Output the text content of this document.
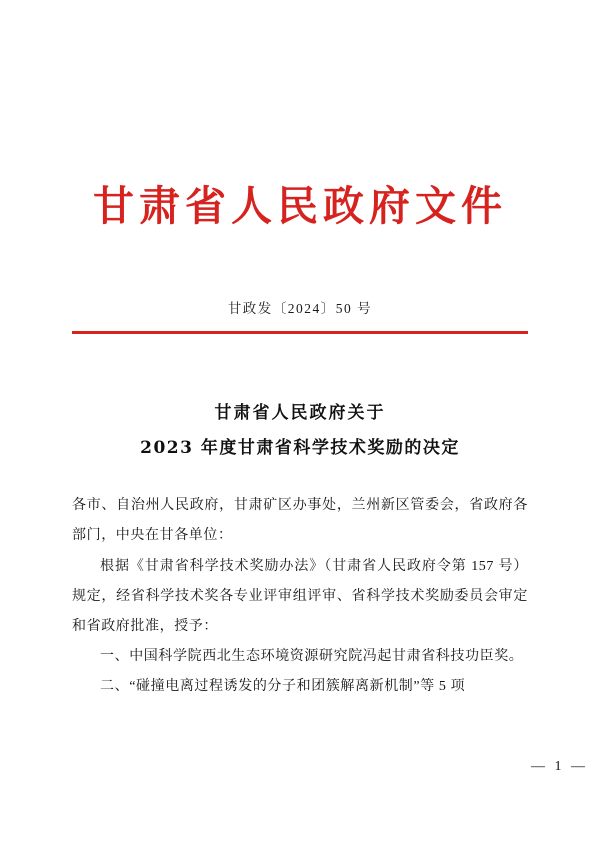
甘肃省人民政府文件
甘政发〔2024〕50 号
甘肃省人民政府关于
2023 年度甘肃省科学技术奖励的决定

各市、自治州人民政府，甘肃矿区办事处，兰州新区管委会，省政府各部门，中央在甘各单位：

根据《甘肃省科学技术奖励办法》（甘肃省人民政府令第 157 号）规定，经省科学技术奖各专业评审组评审、省科学技术奖励委员会审定和省政府批准，授予：

一、中国科学院西北生态环境资源研究院冯起甘肃省科技功臣奖。

二、“碰撞电离过程诱发的分子和团簇解离新机制”等 5 项

— 1 —
